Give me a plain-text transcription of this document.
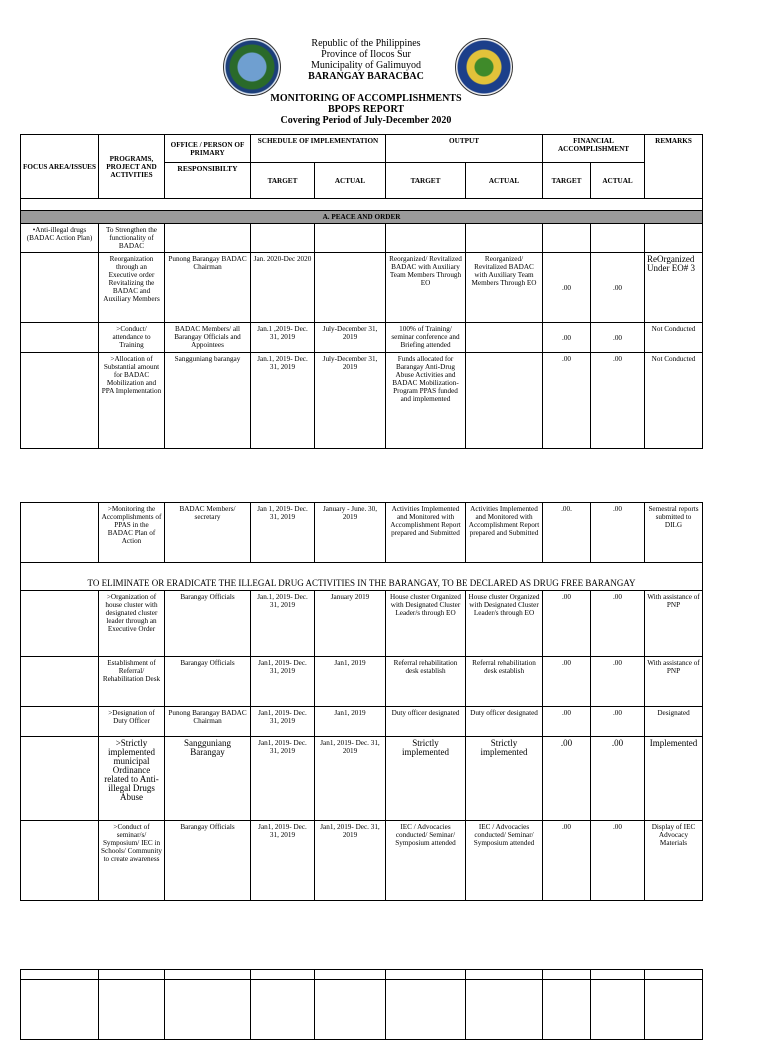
Republic of the Philippines
Province of Ilocos Sur
Municipality of Galimuyod
BARANGAY BARACBAC
MONITORING OF ACCOMPLISHMENTS
BPOPS REPORT
Covering Period of July-December 2020
FOCUS AREA/ISSUES	PROGRAMS, PROJECT AND ACTIVITIES	OFFICE / PERSON OF PRIMARY	SCHEDULE OF IMPLEMENTATION		OUTPUT		FINANCIAL ACCOMPLISHMENT		REMARKS
		RESPONSIBILTY	TARGET	ACTUAL	TARGET	ACTUAL	TARGET	ACTUAL	

A. PEACE AND ORDER									
•Anti-illegal drugs (BADAC Action Plan)	To Strengthen the functionality of BADAC								
	Reorganization through an Executive order Revitalizing the BADAC and Auxiliary Members	Punong Barangay BADAC Chairman	Jan. 2020-Dec 2020		Reorganized/ Revitalized BADAC with Auxiliary Team Members Through EO	Reorganized/ Revitalized BADAC with Auxiliary Team Members Through EO	.00	.00	ReOrganized Under EO# 3
	>Conduct/ attendance to Training	BADAC Members/ all Barangay Officials and Appointees	Jan.1 ,2019- Dec. 31, 2019	July-December 31, 2019	100% of Training/ seminar conference and Briefing attended		.00	.00	Not Conducted
	>Allocation of Substantial amount for BADAC Mobilization and PPA Implementation	Sangguniang barangay	Jan.1, 2019- Dec. 31, 2019	July-December 31, 2019	Funds allocated for Barangay Anti-Drug Abuse Activities and BADAC Mobilization- Program PPAS funded and implemented		.00	.00	Not Conducted
	>Monitoring the Accomplishments of PPAS in the BADAC Plan of Action	BADAC Members/ secretary	Jan 1, 2019- Dec. 31, 2019	January - June. 30, 2019	Activities Implemented and Monitored with Accomplishment Report prepared and Submitted	Activities Implemented and Monitored with Accomplishment Report prepared and Submitted	.00.	.00	Semestral reports submitted to DILG
TO ELIMINATE OR ERADICATE THE ILLEGAL DRUG ACTIVITIES IN THE BARANGAY, TO BE DECLARED AS DRUG FREE BARANGAY									
	>Organization of house cluster with designated cluster leader through an Executive Order	Barangay Officials	Jan.1, 2019- Dec. 31, 2019	January 2019	House cluster Organized with Designated Cluster Leader/s through EO	House cluster Organized with Designated Cluster Leader/s through EO	.00	.00	With assistance of PNP
	Establishment of Referral/ Rehabilitation Desk	Barangay Officials	Jan1, 2019- Dec. 31, 2019	Jan1, 2019	Referral rehabilitation desk establish	Referral rehabilitation desk establish	.00	.00	With assistance of PNP
	>Designation of Duty Officer	Punong Barangay BADAC Chairman	Jan1, 2019- Dec. 31, 2019	Jan1, 2019	Duty officer designated	Duty officer designated	.00	.00	Designated
	>Strictly implemented municipal Ordinance related to Anti-illegal Drugs Abuse	Sangguniang Barangay	Jan1, 2019- Dec. 31, 2019	Jan1, 2019- Dec. 31, 2019	Strictly implemented	Strictly implemented	.00	.00	Implemented
	>Conduct of seminar/s/ Symposium/ IEC in Schools/ Community to create awareness	Barangay Officials	Jan1, 2019- Dec. 31, 2019	Jan1, 2019- Dec. 31, 2019	IEC / Advocacies conducted/ Seminar/ Symposium attended	IEC / Advocacies conducted/ Seminar/ Symposium attended	.00	.00	Display of IEC Advocacy Materials
